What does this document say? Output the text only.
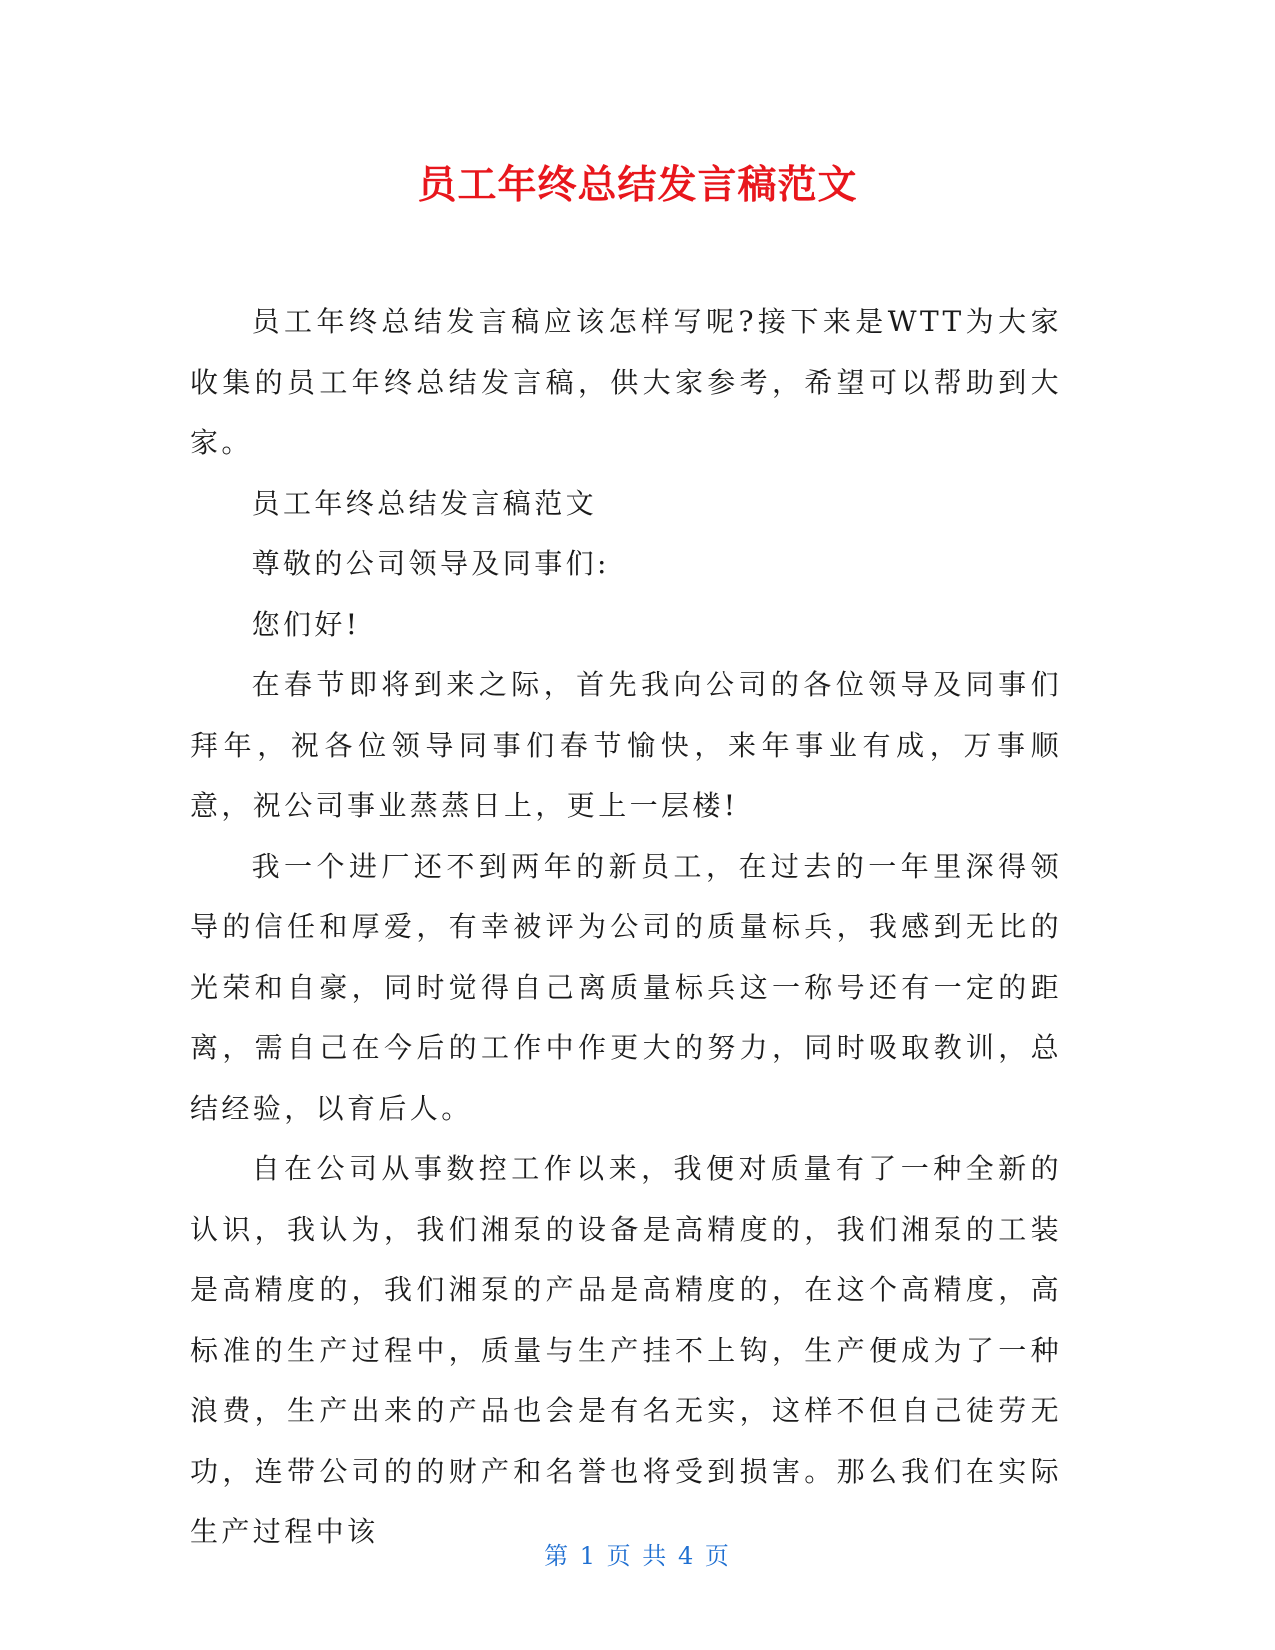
员工年终总结发言稿范文

员工年终总结发言稿应该怎样写呢?接下来是WTT为大家收集的员工年终总结发言稿，供大家参考，希望可以帮助到大家。

员工年终总结发言稿范文

尊敬的公司领导及同事们:

您们好!

在春节即将到来之际，首先我向公司的各位领导及同事们拜年，祝各位领导同事们春节愉快，来年事业有成，万事顺意，祝公司事业蒸蒸日上，更上一层楼!

我一个进厂还不到两年的新员工，在过去的一年里深得领导的信任和厚爱，有幸被评为公司的质量标兵，我感到无比的光荣和自豪，同时觉得自己离质量标兵这一称号还有一定的距离，需自己在今后的工作中作更大的努力，同时吸取教训，总结经验，以育后人。

自在公司从事数控工作以来，我便对质量有了一种全新的认识，我认为，我们湘泵的设备是高精度的，我们湘泵的工装是高精度的，我们湘泵的产品是高精度的，在这个高精度，高标准的生产过程中，质量与生产挂不上钩，生产便成为了一种浪费，生产出来的产品也会是有名无实，这样不但自己徒劳无功，连带公司的的财产和名誉也将受到损害。那么我们在实际生产过程中该

第 1 页 共 4 页
